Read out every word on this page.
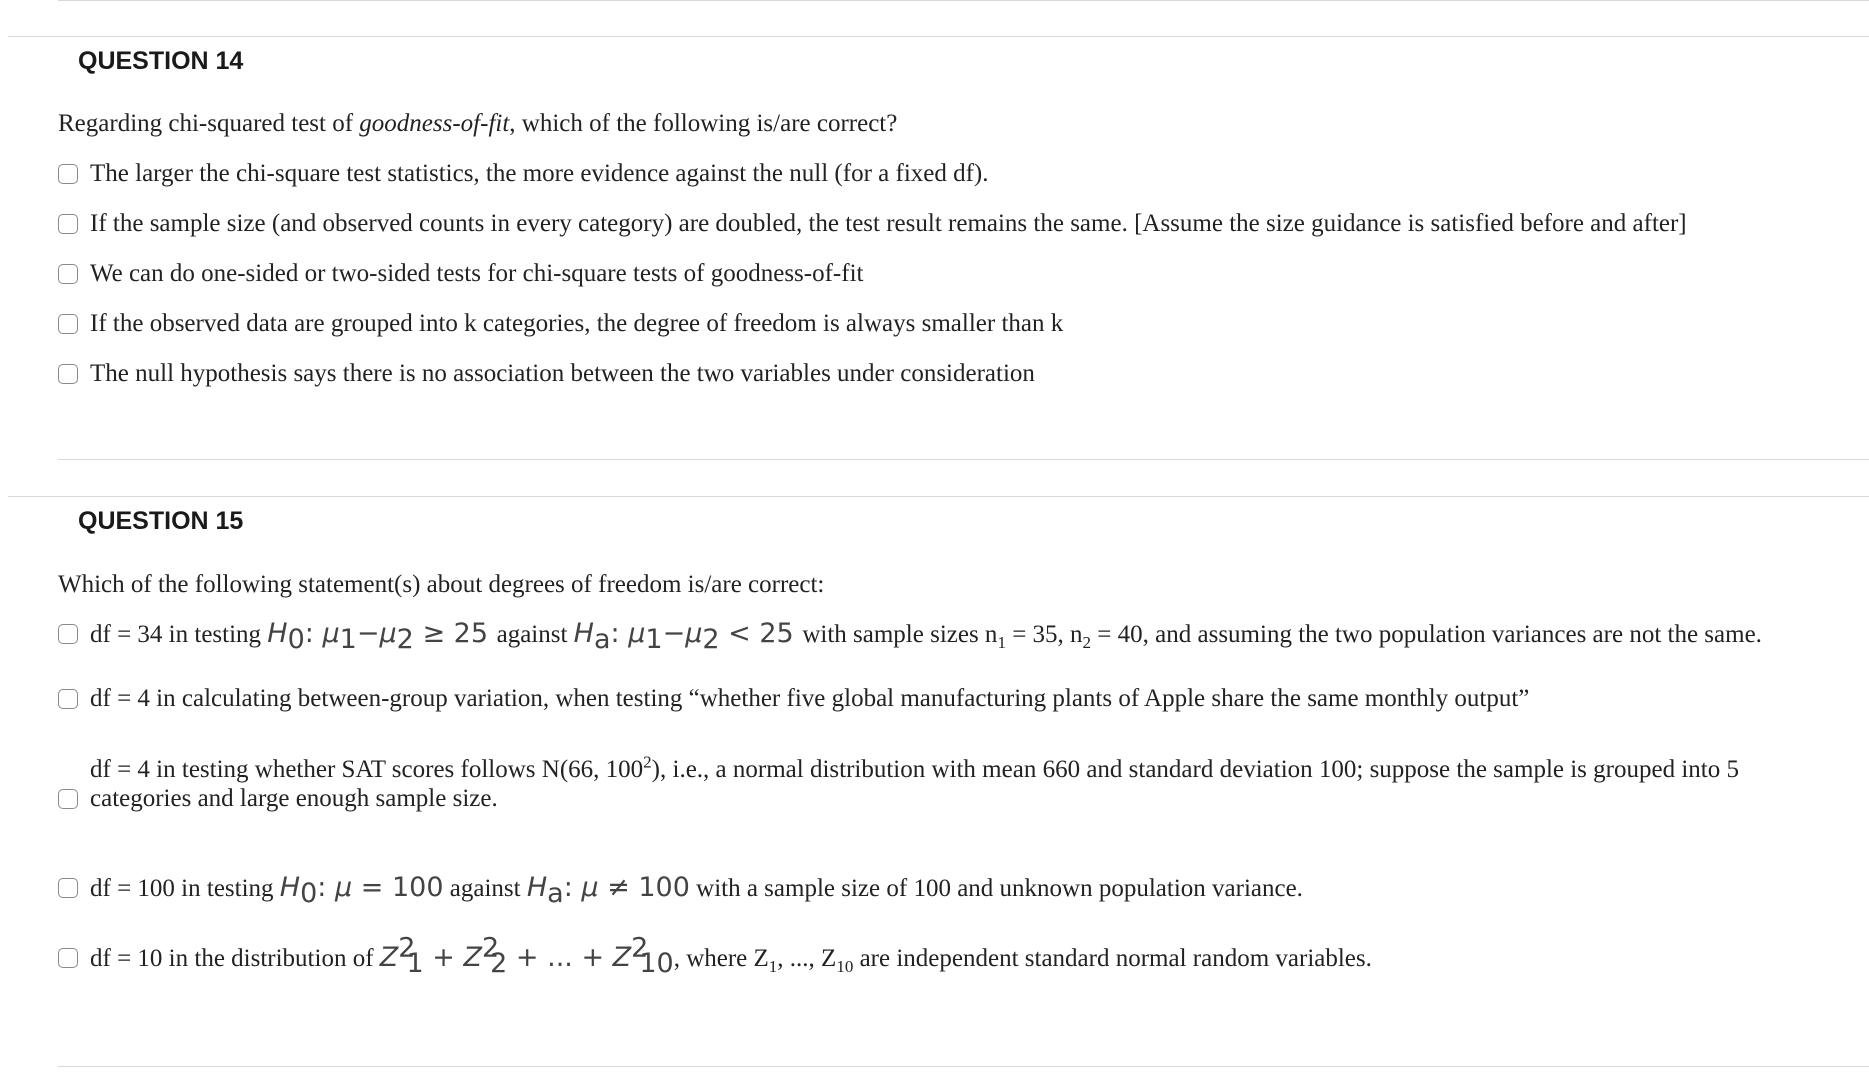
QUESTION 14
Regarding chi-squared test of goodness-of-fit, which of the following is/are correct?
The larger the chi-square test statistics, the more evidence against the null (for a fixed df).
If the sample size (and observed counts in every category) are doubled, the test result remains the same. [Assume the size guidance is satisfied before and after]
We can do one-sided or two-sided tests for chi-square tests of goodness-of-fit
If the observed data are grouped into k categories, the degree of freedom is always smaller than k
The null hypothesis says there is no association between the two variables under consideration
QUESTION 15
Which of the following statement(s) about degrees of freedom is/are correct:
df = 34 in testing $H_0$: $\mu_1-\mu_2 \ge 25$ against $H_a$: $\mu_1-\mu_2 < 25$ with sample sizes $n_1 = 35$, $n_2 = 40$, and assuming the two population variances are not the same.
df = 4 in calculating between-group variation, when testing “whether five global manufacturing plants of Apple share the same monthly output”
df = 4 in testing whether SAT scores follows N(66, $100^2$), i.e., a normal distribution with mean 660 and standard deviation 100; suppose the sample is grouped into 5 categories and large enough sample size.
df = 100 in testing $H_0$: μ = 100 against $H_a$: μ ≠ 100 with a sample size of 100 and unknown population variance.
df = 10 in the distribution of $Z^2_1 + Z^2_2$ + ... + $Z^2_{10}$, where $Z_1$, ..., $Z_{10}$ are independent standard normal random variables.
